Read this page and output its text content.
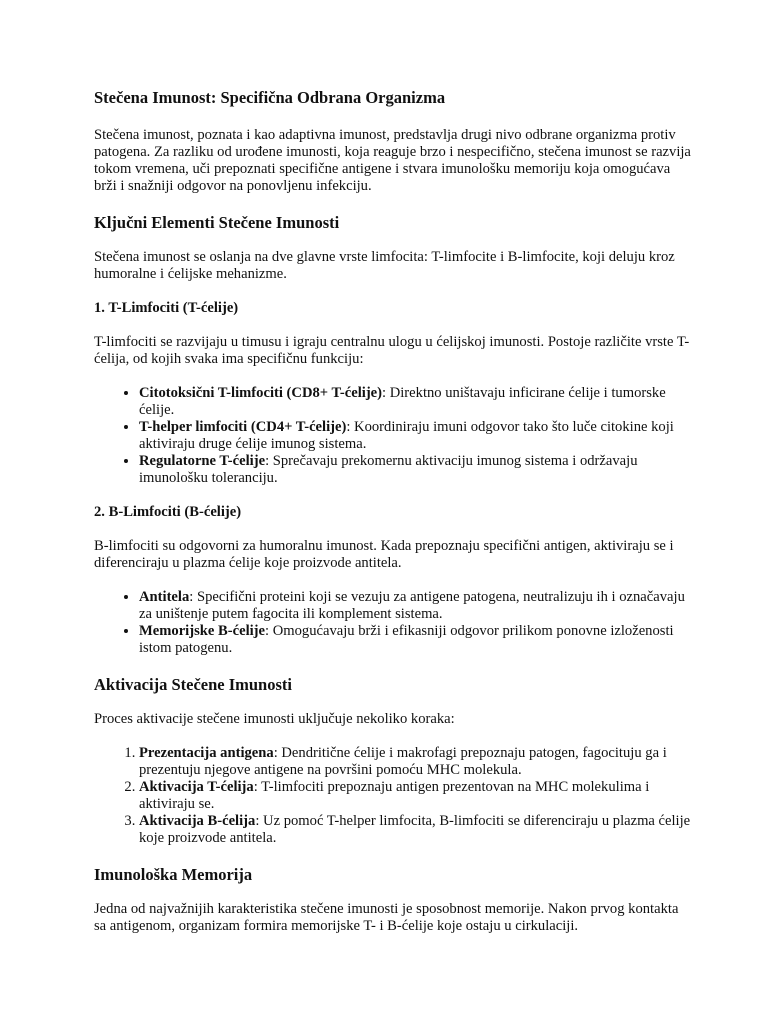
Stečena Imunost: Specifična Odbrana Organizma

Stečena imunost, poznata i kao adaptivna imunost, predstavlja drugi nivo odbrane organizma protiv patogena. Za razliku od urođene imunosti, koja reaguje brzo i nespecifično, stečena imunost se razvija tokom vremena, uči prepoznati specifične antigene i stvara imunološku memoriju koja omogućava brži i snažniji odgovor na ponovljenu infekciju.

Ključni Elementi Stečene Imunosti

Stečena imunost se oslanja na dve glavne vrste limfocita: T-limfocite i B-limfocite, koji deluju kroz humoralne i ćelijske mehanizme.

1. T-Limfociti (T-ćelije)

T-limfociti se razvijaju u timusu i igraju centralnu ulogu u ćelijskoj imunosti. Postoje različite vrste T-ćelija, od kojih svaka ima specifičnu funkciju:

• Citotoksični T-limfociti (CD8+ T-ćelije): Direktno uništavaju inficirane ćelije i tumorske ćelije.
• T-helper limfociti (CD4+ T-ćelije): Koordiniraju imuni odgovor tako što luče citokine koji aktiviraju druge ćelije imunog sistema.
• Regulatorne T-ćelije: Sprečavaju prekomernu aktivaciju imunog sistema i održavaju imunološku toleranciju.
2. B-Limfociti (B-ćelije)

B-limfociti su odgovorni za humoralnu imunost. Kada prepoznaju specifični antigen, aktiviraju se i diferenciraju u plazma ćelije koje proizvode antitela.

• Antitela: Specifični proteini koji se vezuju za antigene patogena, neutralizuju ih i označavaju za uništenje putem fagocita ili komplement sistema.
• Memorijske B-ćelije: Omogućavaju brži i efikasniji odgovor prilikom ponovne izloženosti istom patogenu.
Aktivacija Stečene Imunosti

Proces aktivacije stečene imunosti uključuje nekoliko koraka:

1. Prezentacija antigena: Dendritične ćelije i makrofagi prepoznaju patogen, fagocituju ga i prezentuju njegove antigene na površini pomoću MHC molekula.
2. Aktivacija T-ćelija: T-limfociti prepoznaju antigen prezentovan na MHC molekulima i aktiviraju se.
3. Aktivacija B-ćelija: Uz pomoć T-helper limfocita, B-limfociti se diferenciraju u plazma ćelije koje proizvode antitela.
Imunološka Memorija

Jedna od najvažnijih karakteristika stečene imunosti je sposobnost memorije. Nakon prvog kontakta sa antigenom, organizam formira memorijske T- i B-ćelije koje ostaju u cirkulaciji.
